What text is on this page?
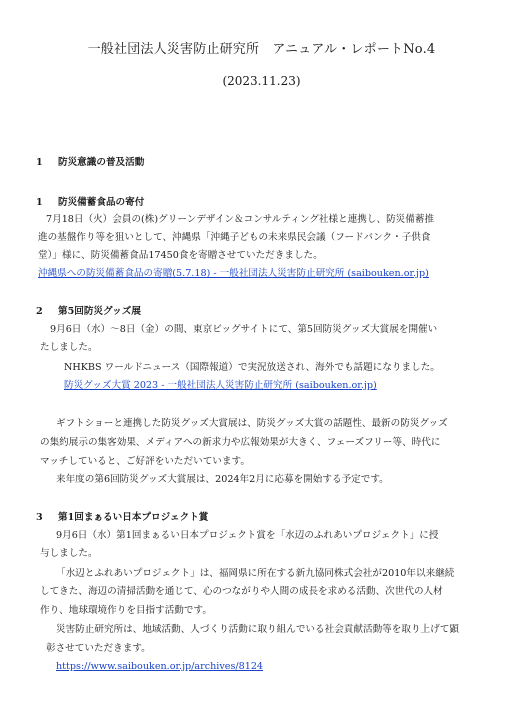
一般社団法人災害防止研究所　アニュアル・レポートNo.4
(2023.11.23)
1 防災意識の普及活動
1 防災備蓄食品の寄付
7月18日（火）会員の(株)グリーンデザイン＆コンサルティング社様と連携し、防災備蓄推
進の基盤作り等を狙いとして、沖縄県「沖縄子どもの未来県民会議（フードバンク・子供食
堂）」様に、防災備蓄食品17450食を寄贈させていただきました。
沖縄県への防災備蓄食品の寄贈(5.7.18) - 一般社団法人災害防止研究所 (saibouken.or.jp)
2 第5回防災グッズ展
9月6日（水）～8日（金）の間、東京ビッグサイトにて、第5回防災グッズ大賞展を開催い
たしました。
NHKBS ワールドニュース（国際報道）で実況放送され、海外でも話題になりました。
防災グッズ大賞 2023 - 一般社団法人災害防止研究所 (saibouken.or.jp)
ギフトショーと連携した防災グッズ大賞展は、防災グッズ大賞の話題性、最新の防災グッズ
の集約展示の集客効果、メディアへの新求力や広報効果が大きく、フェーズフリー等、時代に
マッチしていると、ご好評をいただいています。
来年度の第6回防災グッズ大賞展は、2024年2月に応募を開始する予定です。
3 第1回まぁるい日本プロジェクト賞
9月6日（水）第1回まぁるい日本プロジェクト賞を「水辺のふれあいプロジェクト」に授
与しました。
「水辺とふれあいプロジェクト」は、福岡県に所在する新九協同株式会社が2010年以来継続
してきた、海辺の清掃活動を通じて、心のつながりや人間の成長を求める活動、次世代の人材
作り、地球環境作りを目指す活動です。
災害防止研究所は、地域活動、人づくり活動に取り組んでいる社会貢献活動等を取り上げて顕
彰させていただきます。
https://www.saibouken.or.jp/archives/8124
